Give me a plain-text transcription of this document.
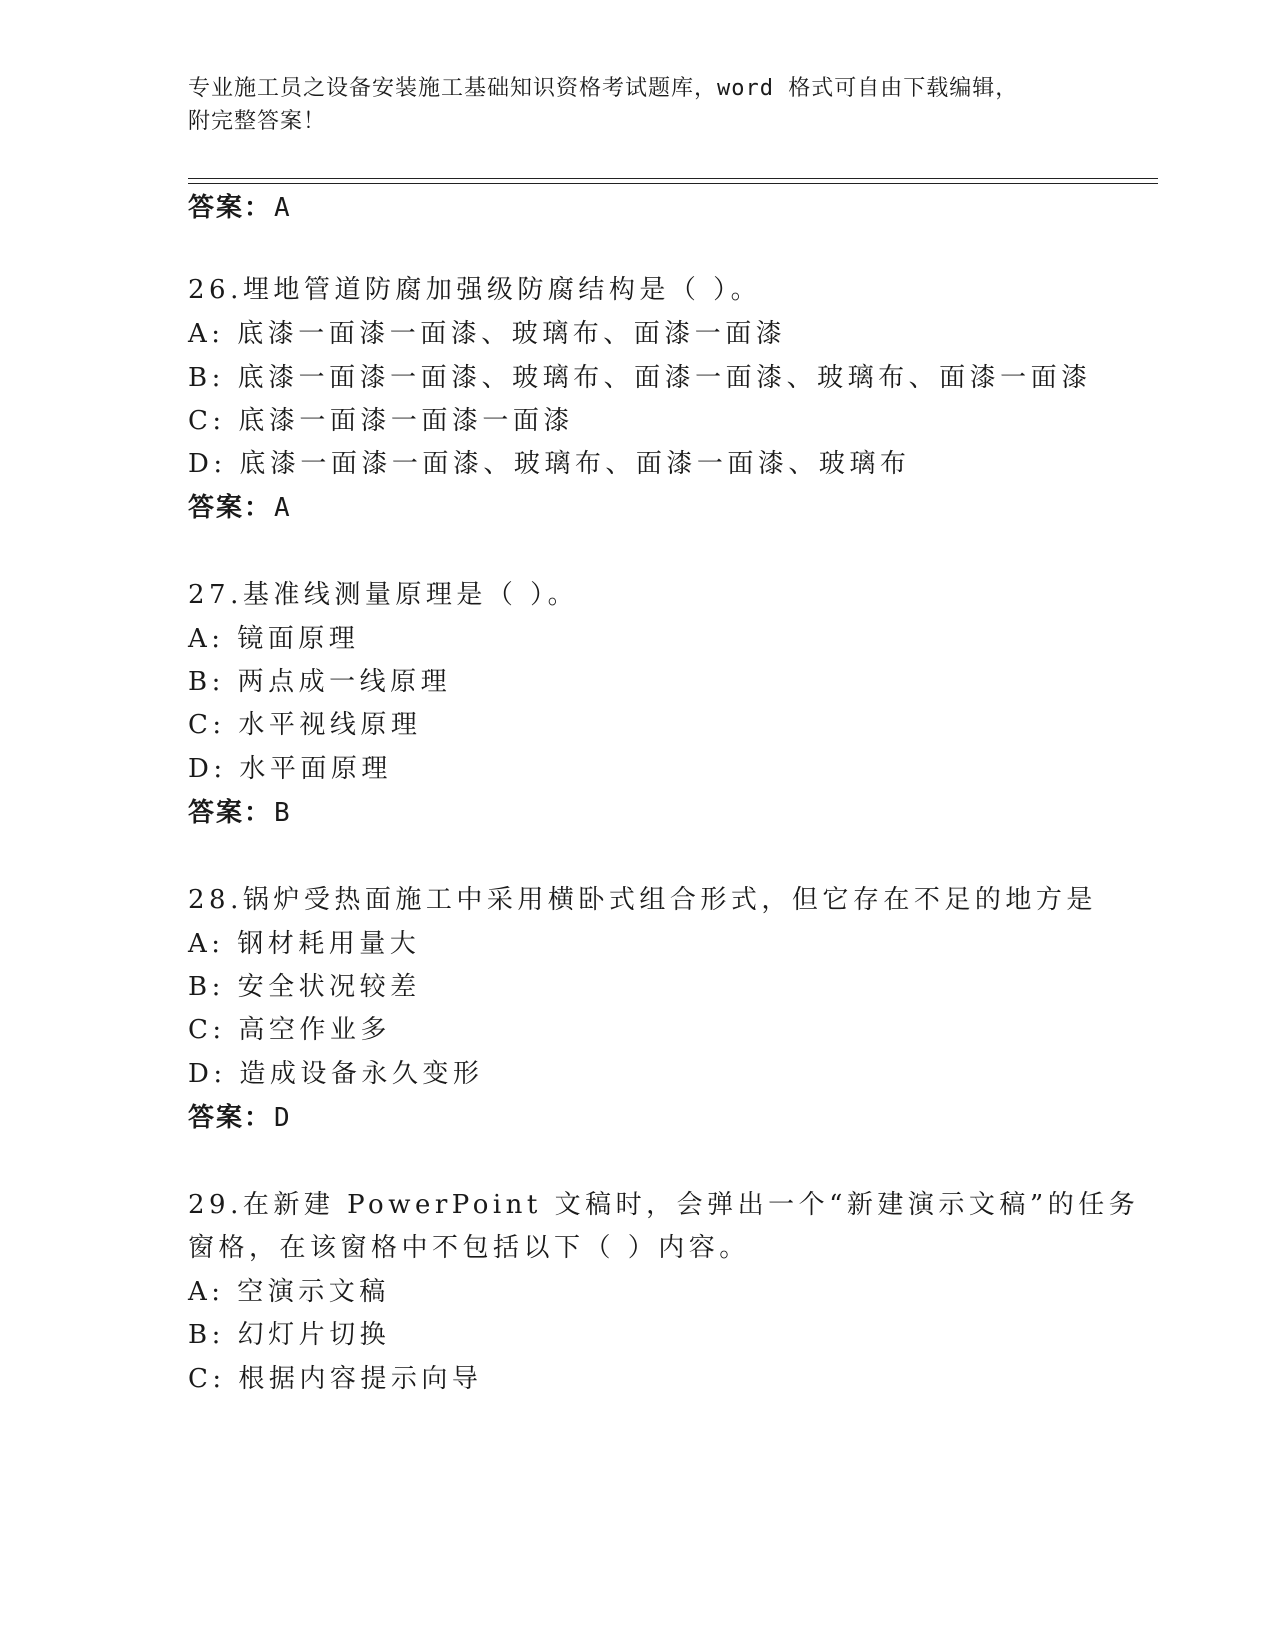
专业施工员之设备安装施工基础知识资格考试题库，word 格式可自由下载编辑，
附完整答案！
答案：A
26.埋地管道防腐加强级防腐结构是（ ）。
A: 底漆一面漆一面漆、玻璃布、面漆一面漆
B: 底漆一面漆一面漆、玻璃布、面漆一面漆、玻璃布、面漆一面漆
C: 底漆一面漆一面漆一面漆
D: 底漆一面漆一面漆、玻璃布、面漆一面漆、玻璃布
答案：A
27.基准线测量原理是（ ）。
A: 镜面原理
B: 两点成一线原理
C: 水平视线原理
D: 水平面原理
答案：B
28.锅炉受热面施工中采用横卧式组合形式，但它存在不足的地方是
A: 钢材耗用量大
B: 安全状况较差
C: 高空作业多
D: 造成设备永久变形
答案：D
29.在新建 PowerPoint 文稿时，会弹出一个“新建演示文稿”的任务
窗格，在该窗格中不包括以下（ ）内容。
A: 空演示文稿
B: 幻灯片切换
C: 根据内容提示向导
